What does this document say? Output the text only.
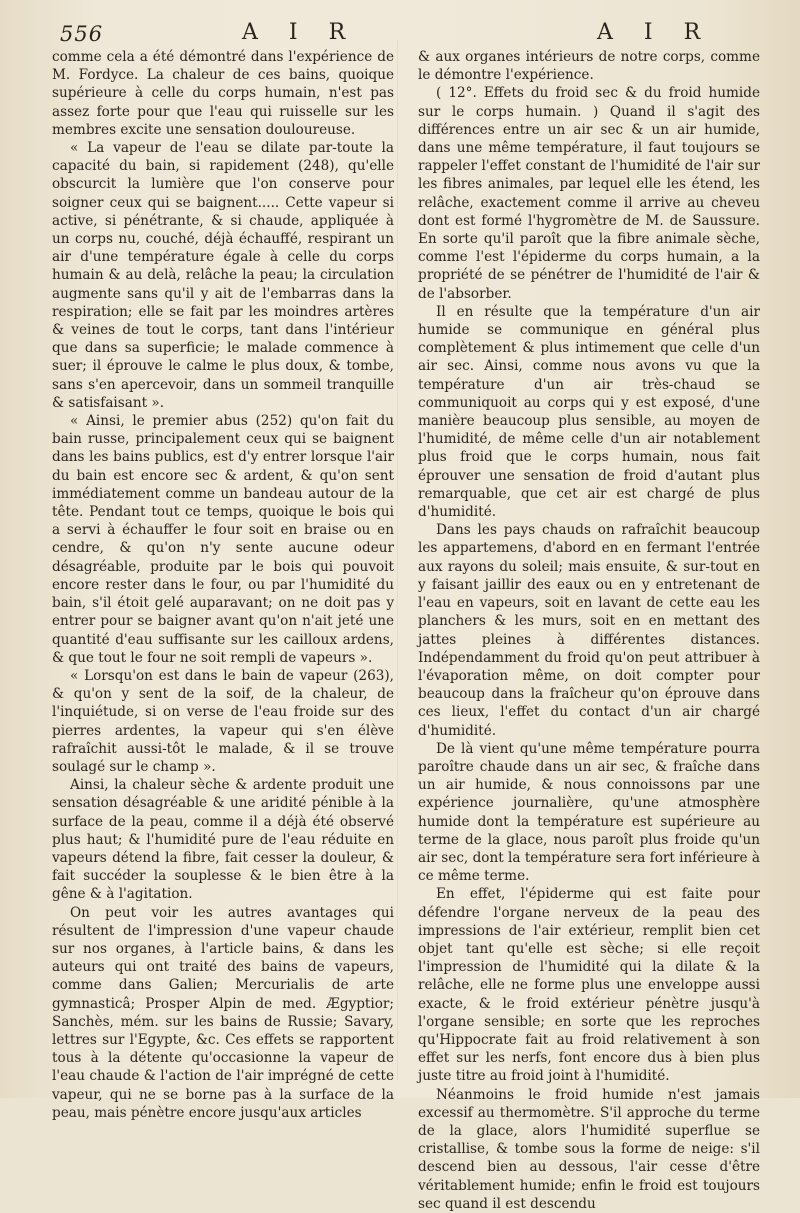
556	A I R	A I R

comme cela a été démontré dans l'expérience de M. Fordyce. La chaleur de ces bains, quoique supérieure à celle du corps humain, n'est pas assez forte pour que l'eau qui ruisselle sur les membres excite une sensation douloureuse.

« La vapeur de l'eau se dilate par-toute la capacité du bain, si rapidement (248), qu'elle obscurcit la lumière que l'on conserve pour soigner ceux qui se baignent..... Cette vapeur si active, si pénétrante, & si chaude, appliquée à un corps nu, couché, déjà échauffé, respirant un air d'une température égale à celle du corps humain & au delà, relâche la peau; la circulation augmente sans qu'il y ait de l'embarras dans la respiration; elle se fait par les moindres artères & veines de tout le corps, tant dans l'intérieur que dans sa superficie; le malade commence à suer; il éprouve le calme le plus doux, & tombe, sans s'en apercevoir, dans un sommeil tranquille & satisfaisant ».

« Ainsi, le premier abus (252) qu'on fait du bain russe, principalement ceux qui se baignent dans les bains publics, est d'y entrer lorsque l'air du bain est encore sec & ardent, & qu'on sent immédiatement comme un bandeau autour de la tête. Pendant tout ce temps, quoique le bois qui a servi à échauffer le four soit en braise ou en cendre, & qu'on n'y sente aucune odeur désagréable, produite par le bois qui pouvoit encore rester dans le four, ou par l'humidité du bain, s'il étoit gelé auparavant; on ne doit pas y entrer pour se baigner avant qu'on n'ait jeté une quantité d'eau suffisante sur les cailloux ardens, & que tout le four ne soit rempli de vapeurs ».

« Lorsqu'on est dans le bain de vapeur (263), & qu'on y sent de la soif, de la chaleur, de l'inquiétude, si on verse de l'eau froide sur des pierres ardentes, la vapeur qui s'en élève rafraîchit aussi-tôt le malade, & il se trouve soulagé sur le champ ».

Ainsi, la chaleur sèche & ardente produit une sensation désagréable & une aridité pénible à la surface de la peau, comme il a déjà été observé plus haut; & l'humidité pure de l'eau réduite en vapeurs détend la fibre, fait cesser la douleur, & fait succéder la souplesse & le bien être à la gêne & à l'agitation.

On peut voir les autres avantages qui résultent de l'impression d'une vapeur chaude sur nos organes, à l'article bains, & dans les auteurs qui ont traité des bains de vapeurs, comme dans Galien; Mercurialis de arte gymnasticâ; Prosper Alpin de med. Ægyptior; Sanchès, mém. sur les bains de Russie; Savary, lettres sur l'Egypte, &c. Ces effets se rapportent tous à la détente qu'occasionne la vapeur de l'eau chaude & l'action de l'air imprégné de cette vapeur, qui ne se borne pas à la surface de la peau, mais pénètre encore jusqu'aux articles

& aux organes intérieurs de notre corps, comme le démontre l'expérience.

( 12°. Effets du froid sec & du froid humide sur le corps humain. ) Quand il s'agit des différences entre un air sec & un air humide, dans une même température, il faut toujours se rappeler l'effet constant de l'humidité de l'air sur les fibres animales, par lequel elle les étend, les relâche, exactement comme il arrive au cheveu dont est formé l'hygromètre de M. de Saussure. En sorte qu'il paroît que la fibre animale sèche, comme l'est l'épiderme du corps humain, a la propriété de se pénétrer de l'humidité de l'air & de l'absorber.

Il en résulte que la température d'un air humide se communique en général plus complètement & plus intimement que celle d'un air sec. Ainsi, comme nous avons vu que la température d'un air très-chaud se communiquoit au corps qui y est exposé, d'une manière beaucoup plus sensible, au moyen de l'humidité, de même celle d'un air notablement plus froid que le corps humain, nous fait éprouver une sensation de froid d'autant plus remarquable, que cet air est chargé de plus d'humidité.

Dans les pays chauds on rafraîchit beaucoup les appartemens, d'abord en en fermant l'entrée aux rayons du soleil; mais ensuite, & sur-tout en y faisant jaillir des eaux ou en y entretenant de l'eau en vapeurs, soit en lavant de cette eau les planchers & les murs, soit en en mettant des jattes pleines à différentes distances. Indépendamment du froid qu'on peut attribuer à l'évaporation même, on doit compter pour beaucoup dans la fraîcheur qu'on éprouve dans ces lieux, l'effet du contact d'un air chargé d'humidité.

De là vient qu'une même température pourra paroître chaude dans un air sec, & fraîche dans un air humide, & nous connoissons par une expérience journalière, qu'une atmosphère humide dont la température est supérieure au terme de la glace, nous paroît plus froide qu'un air sec, dont la température sera fort inférieure à ce même terme.

En effet, l'épiderme qui est faite pour défendre l'organe nerveux de la peau des impressions de l'air extérieur, remplit bien cet objet tant qu'elle est sèche; si elle reçoit l'impression de l'humidité qui la dilate & la relâche, elle ne forme plus une enveloppe aussi exacte, & le froid extérieur pénètre jusqu'à l'organe sensible; en sorte que les reproches qu'Hippocrate fait au froid relativement à son effet sur les nerfs, font encore dus à bien plus juste titre au froid joint à l'humidité.

Néanmoins le froid humide n'est jamais excessif au thermomètre. S'il approche du terme de la glace, alors l'humidité superflue se cristallise, & tombe sous la forme de neige: s'il descend bien au dessous, l'air cesse d'être véritablement humide; enfin le froid est toujours sec quand il est descendu
